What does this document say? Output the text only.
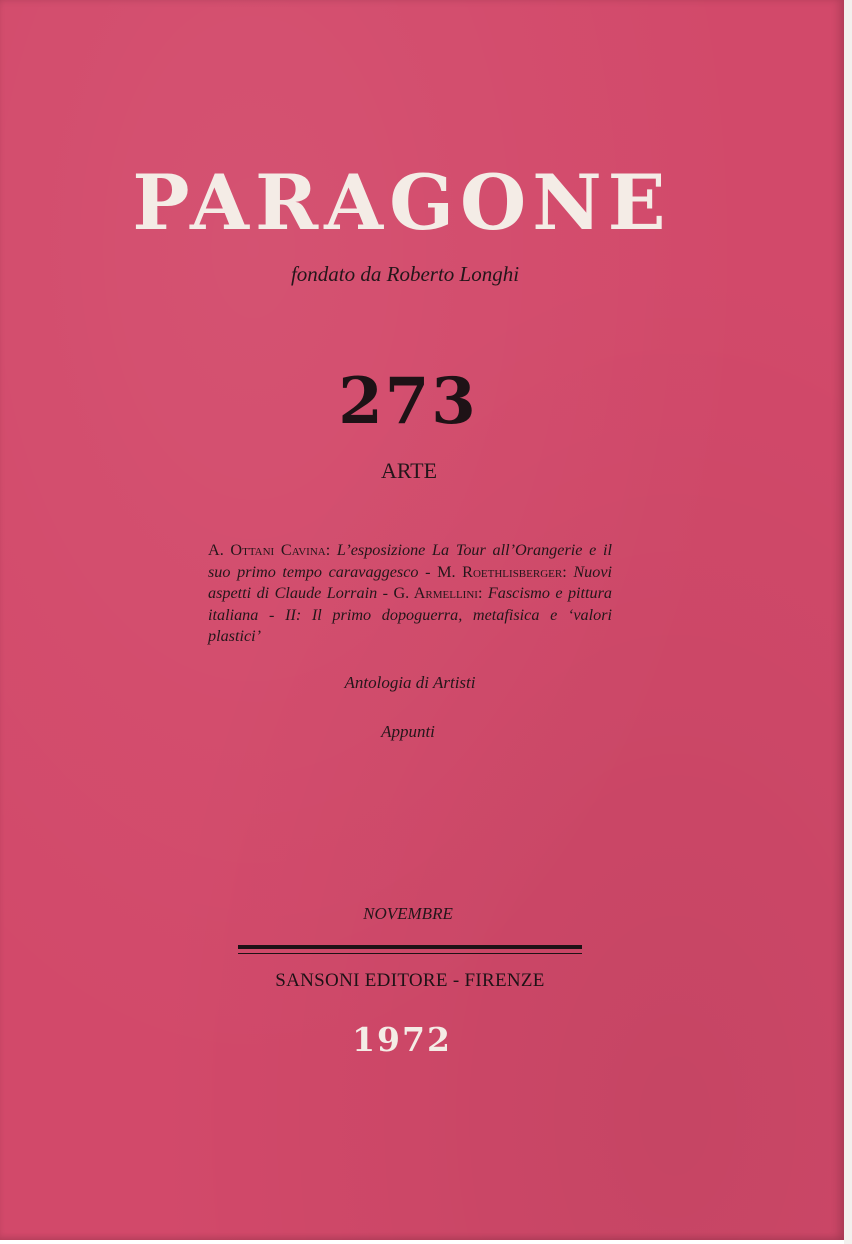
PARAGONE
fondato da Roberto Longhi
273
ARTE
A. Ottani Cavina: L’esposizione La Tour all’Orangerie e il suo primo tempo caravaggesco - M. Roethlisberger: Nuovi aspetti di Claude Lorrain - G. Armellini: Fascismo e pittura italiana - II: Il primo dopoguerra, metafisica e ‘valori plastici’
Antologia di Artisti
Appunti
NOVEMBRE
SANSONI EDITORE - FIRENZE
1972
